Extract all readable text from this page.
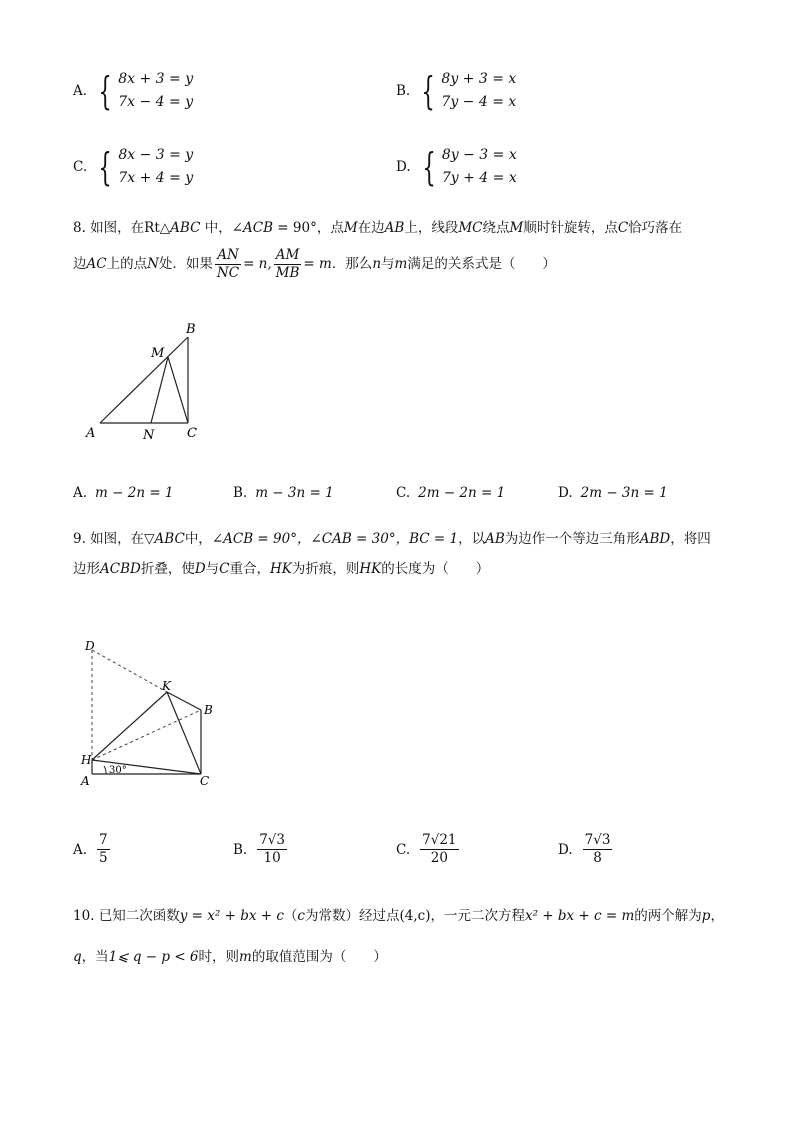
A. { 8x + 3 = y
7x − 4 = y
B. { 8y + 3 = x
7y − 4 = x
C. { 8x − 3 = y
7x + 4 = y
D. { 8y − 3 = x
7y + 4 = x
8. 如图，在Rt△ABC 中，∠ACB = 90°，点M在边AB上，线段MC绕点M顺时针旋转，点C恰巧落在
边 AC 上的点 N 处．如果 $\frac{AN}{NC} = n$, $\frac{AM}{MB} = m$ ．那么 n 与 m 满足的关系式是（　　）
A	N	C
M
B
A. m − 2n = 1	B. m − 3n = 1	C. 2m − 2n = 1	D. 2m − 3n = 1
9. 如图，在▽ABC中，∠ACB = 90°，∠CAB = 30°，BC = 1，以AB为边作一个等边三角形ABD，将四
边形ACBD折叠，使D与C重合，HK为折痕，则HK的长度为（　　）
D
K
B
H
A	C
30°
A. $\frac{7}{5}$	B. $\frac{7√3}{10}$	C. $\frac{7√21}{20}$	D. $\frac{7√3}{8}$
10. 已知二次函数y = x² + bx + c（c为常数）经过点(4,c)，一元二次方程x² + bx + c = m的两个解为p，
q，当1⩽ q − p < 6时，则m的取值范围为（　　）
